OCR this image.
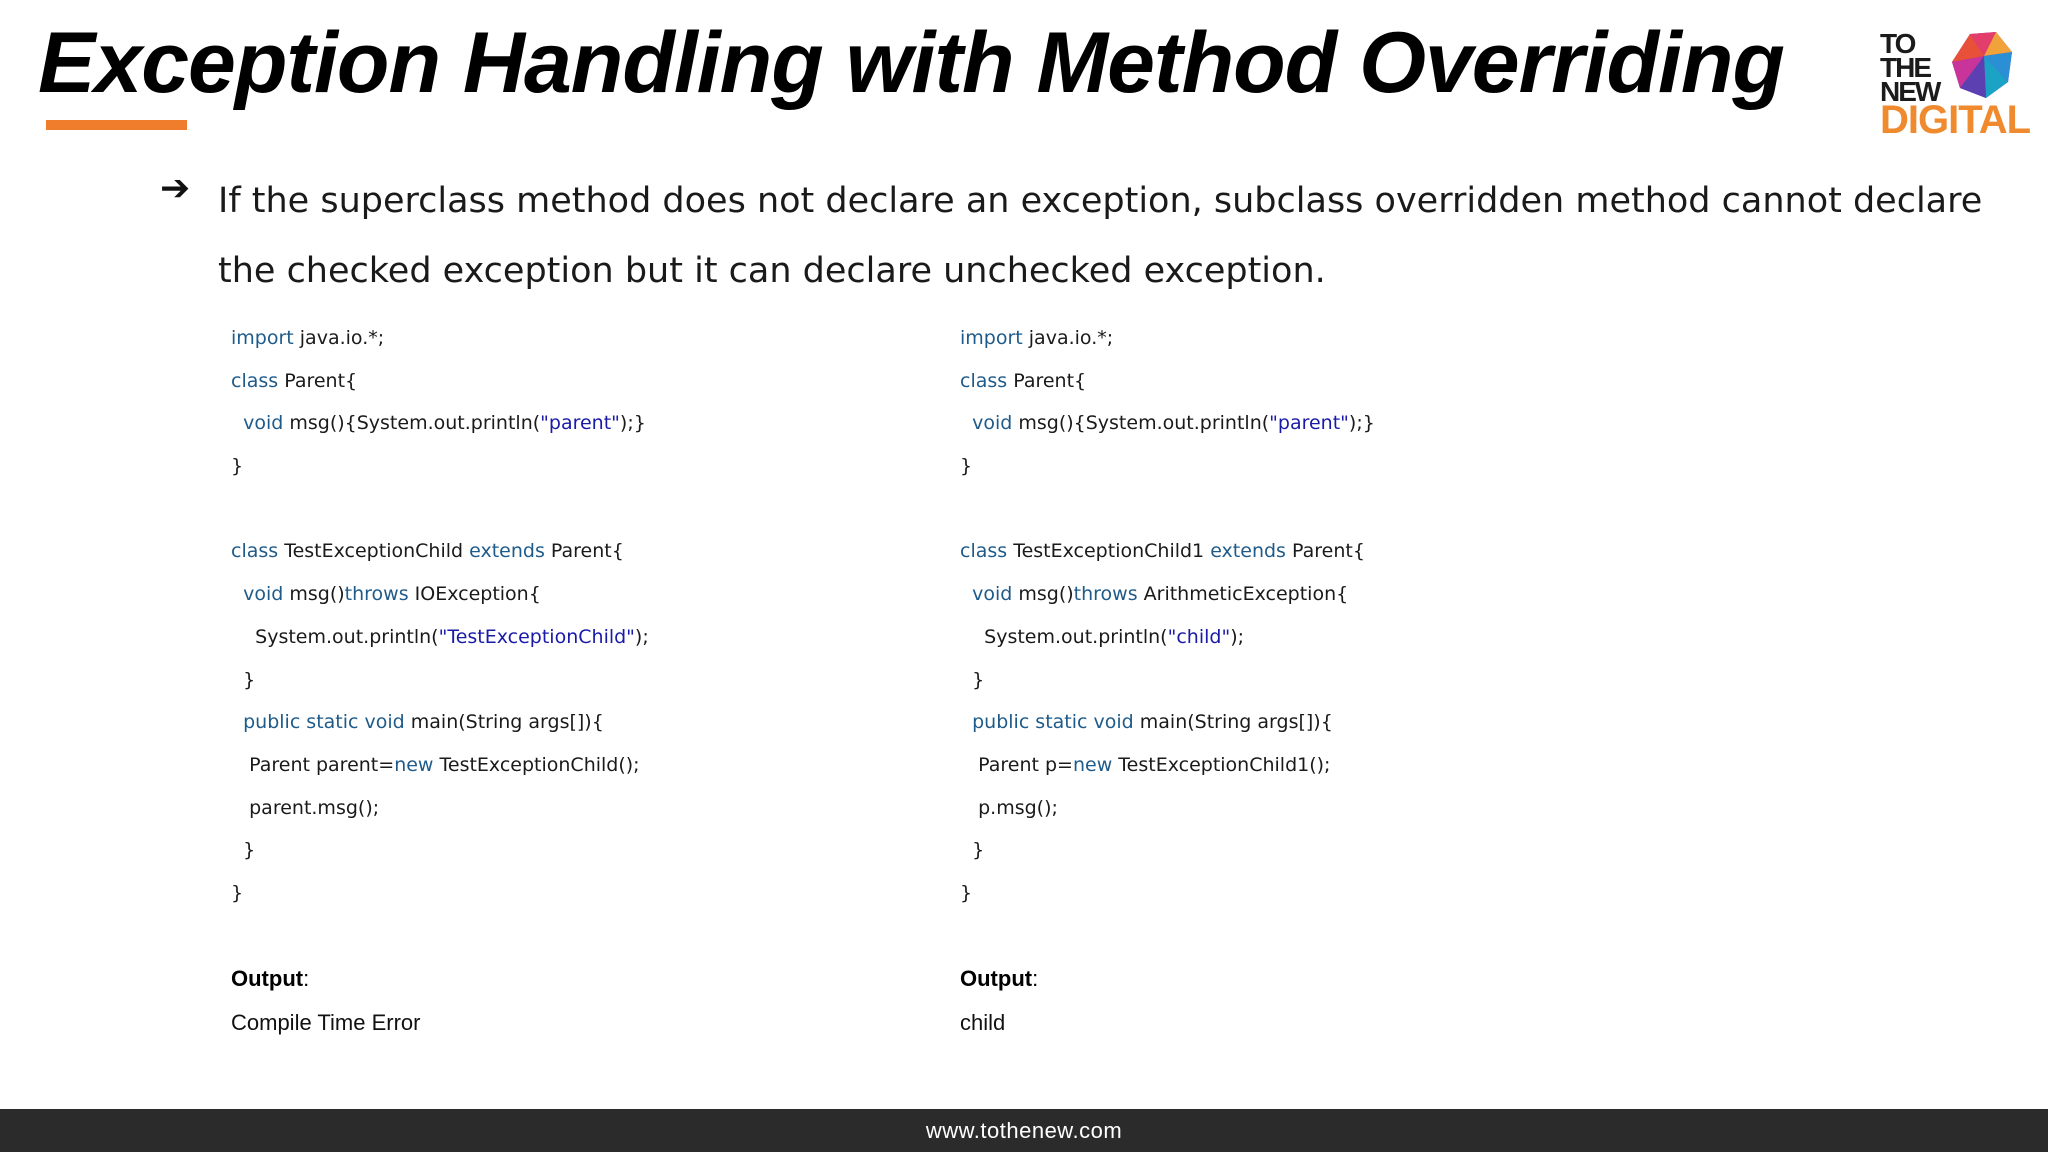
Exception Handling with Method Overriding	TO
THE
NEW
DIGITAL
➔ If the superclass method does not declare an exception, subclass overridden method cannot declare the checked exception but it can declare unchecked exception.
import java.io.*;
class Parent{
void msg(){System.out.println("parent");}
}
class TestExceptionChild extends Parent{
void msg()throws IOException{
System.out.println("TestExceptionChild");
}
public static void main(String args[]){
Parent parent=new TestExceptionChild();
parent.msg();
}
}
import java.io.*;
class Parent{
void msg(){System.out.println("parent");}
}
class TestExceptionChild1 extends Parent{
void msg()throws ArithmeticException{
System.out.println("child");
}
public static void main(String args[]){
Parent p=new TestExceptionChild1();
p.msg();
}
}
Output:
Compile Time Error
Output:
child
www.tothenew.com
